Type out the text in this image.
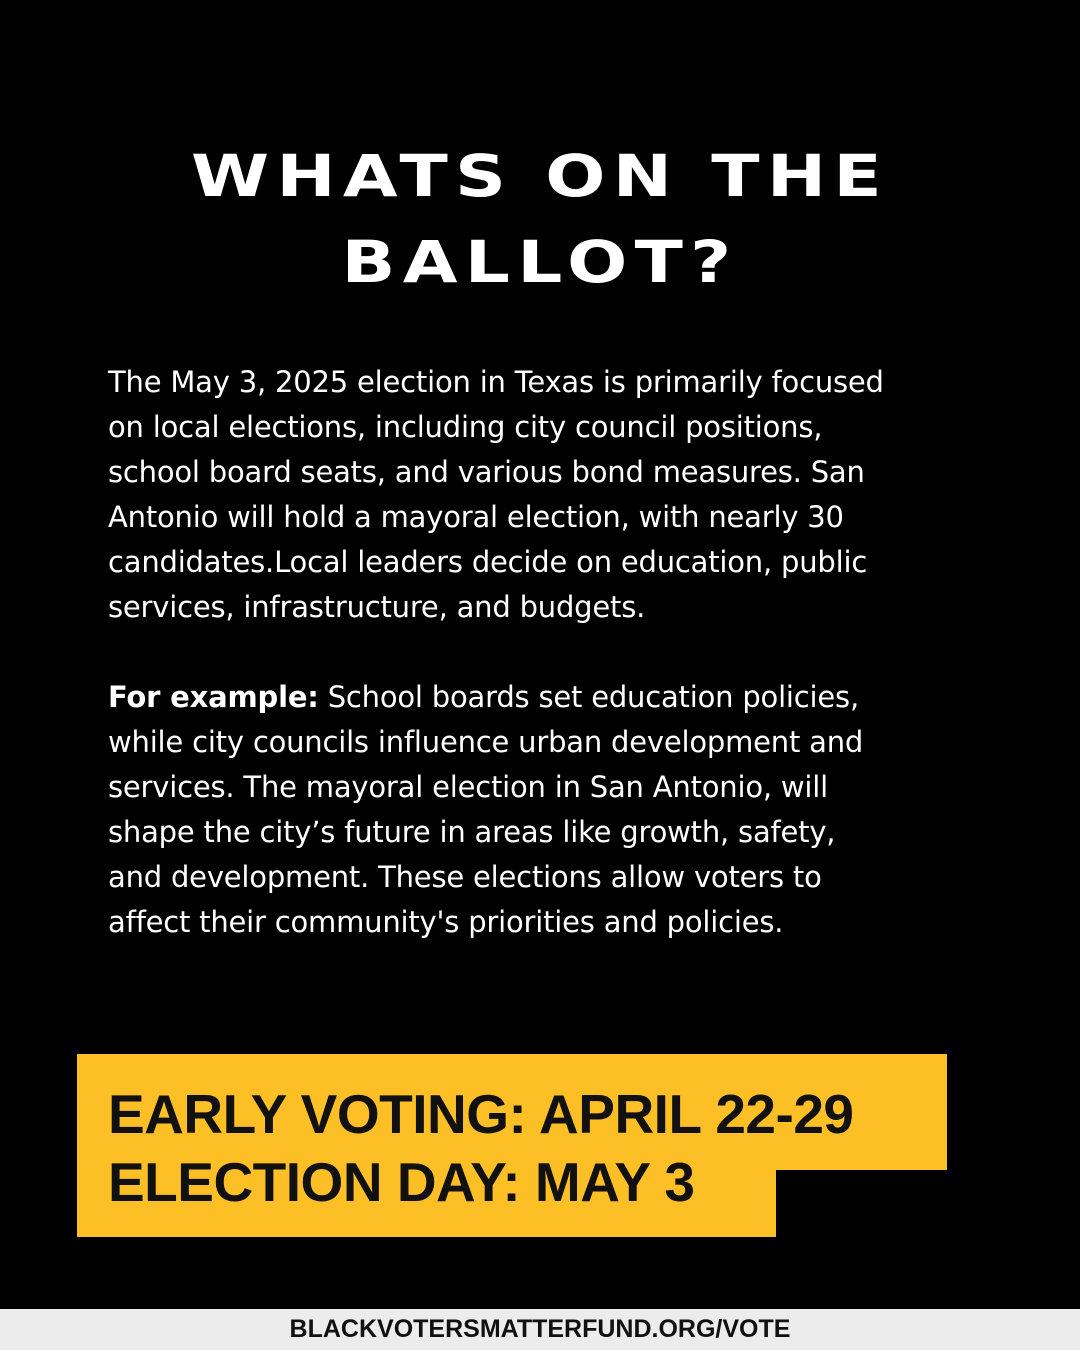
WHATS ON THE
BALLOT?
The May 3, 2025 election in Texas is primarily focused
on local elections, including city council positions,
school board seats, and various bond measures. San
Antonio will hold a mayoral election, with nearly 30
candidates.Local leaders decide on education, public
services, infrastructure, and budgets.
For example: School boards set education policies,
while city councils influence urban development and
services. The mayoral election in San Antonio, will
shape the city’s future in areas like growth, safety,
and development. These elections allow voters to
affect their community's priorities and policies.
EARLY VOTING: APRIL 22-29
ELECTION DAY: MAY 3
BLACKVOTERSMATTERFUND.ORG/VOTE
